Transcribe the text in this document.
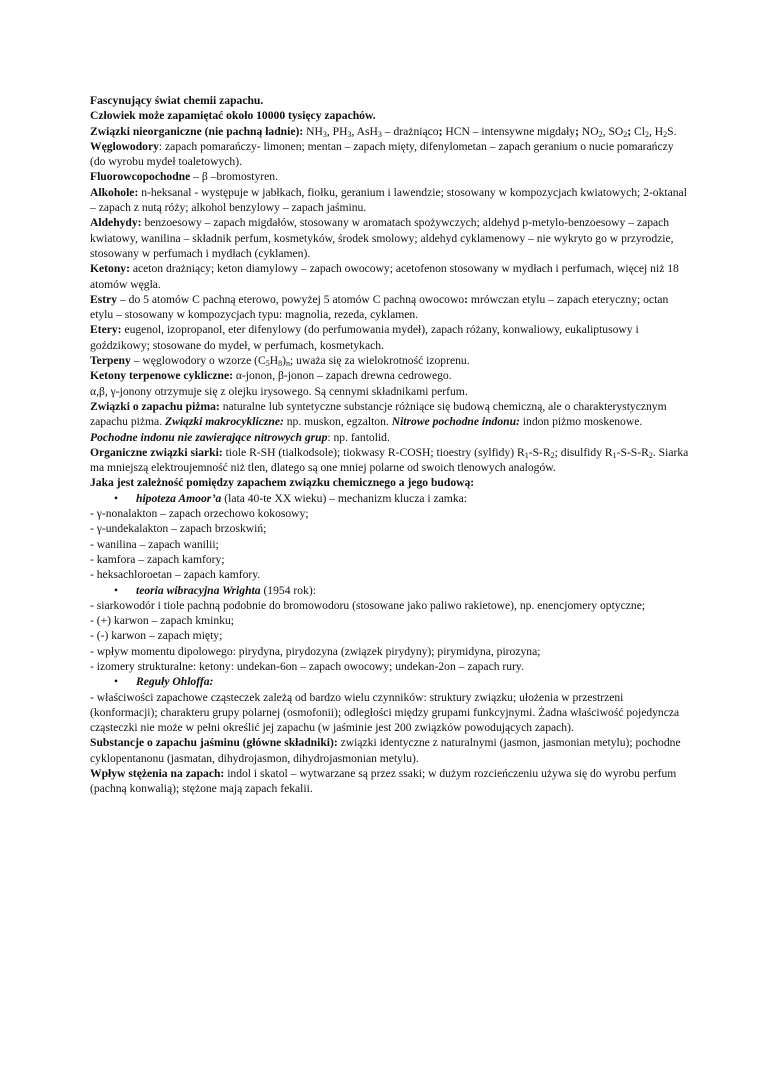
Fascynujący świat chemii zapachu.

Człowiek może zapamiętać około 10000 tysięcy zapachów.

Związki nieorganiczne (nie pachną ładnie): $NH_3$, $PH_3$, AsH$_3$ – drażniąco; HCN – intensywne migdały; $NO_2$, $SO_2$; $Cl_2$, $H_2S$.

Węglowodory: zapach pomarańczy- limonen; mentan – zapach mięty, difenylometan – zapach geranium o nucie pomarańczy (do wyrobu mydeł toaletowych).

Fluorowcopochodne – β –bromostyren.

Alkohole: n-heksanal - występuje w jabłkach, fiołku, geranium i lawendzie; stosowany w kompozycjach kwiatowych; 2-oktanal – zapach z nutą róży; alkohol benzylowy – zapach jaśminu.

Aldehydy: benzoesowy – zapach migdałów, stosowany w aromatach spożywczych; aldehyd p-metylo-benzoesowy – zapach kwiatowy, wanilina – składnik perfum, kosmetyków, środek smolowy; aldehyd cyklamenowy – nie wykryto go w przyrodzie, stosowany w perfumach i mydłach (cyklamen).

Ketony: aceton drażniący; keton diamylowy – zapach owocowy; acetofenon stosowany w mydłach i perfumach, więcej niż 18 atomów węgla.

Estry – do 5 atomów C pachną eterowo, powyżej 5 atomów C pachną owocowo: mrówczan etylu – zapach eteryczny; octan etylu – stosowany w kompozycjach typu: magnolia, rezeda, cyklamen.

Etery: eugenol, izopropanol, eter difenylowy (do perfumowania mydeł), zapach różany, konwaliowy, eukaliptusowy i goździkowy; stosowane do mydeł, w perfumach, kosmetykach.

Terpeny – węglowodory o wzorze $(C_5H_8)_n$; uważa się za wielokrotność izoprenu.

Ketony terpenowe cykliczne: α-jonon, β-jonon – zapach drewna cedrowego.

α,β, γ-jonony otrzymuje się z olejku irysowego. Są cennymi składnikami perfum.

Związki o zapachu piżma: naturalne lub syntetyczne substancje różniące się budową chemiczną, ale o charakterystycznym zapachu piżma. Związki makrocykliczne: np. muskon, egzalton. Nitrowe pochodne indonu: indon piżmo moskenowe. Pochodne indonu nie zawierające nitrowych grup: np. fantolid.

Organiczne związki siarki: tiole R-SH (tialkodsole); tiokwasy R-COSH; tioestry (sylfidy) $R_1-S-R_2$; disulfidy $R_1-S-S-R_2$. Siarka ma mniejszą elektroujemność niż tlen, dlatego są one mniej polarne od swoich tlenowych analogów.

Jaka jest zależność pomiędzy zapachem związku chemicznego a jego budową:

• hipoteza Amoor’a (lata 40-te XX wieku) – mechanizm klucza i zamka:

- γ-nonalakton – zapach orzechowo kokosowy;

- γ-undekalakton – zapach brzoskwiń;

- wanilina – zapach wanilii;

- kamfora – zapach kamfory;

- heksachloroetan – zapach kamfory.

• teoria wibracyjna Wrighta (1954 rok):

- siarkowodór i tiole pachną podobnie do bromowodoru (stosowane jako paliwo rakietowe), np. enencjomery optyczne;

- (+) karwon – zapach kminku;

- (-) karwon – zapach mięty;

- wpływ momentu dipolowego: pirydyna, pirydozyna (związek pirydyny); pirymidyna, pirozyna;

- izomery strukturalne: ketony: undekan-6on – zapach owocowy; undekan-2on – zapach rury.

• Reguły Ohloffa:

- właściwości zapachowe cząsteczek zależą od bardzo wielu czynników: struktury związku; ułożenia w przestrzeni (konformacji); charakteru grupy polarnej (osmofonii); odległości między grupami funkcyjnymi. Żadna właściwość pojedyncza cząsteczki nie może w pełni określić jej zapachu (w jaśminie jest 200 związków powodujących zapach).

Substancje o zapachu jaśminu (główne składniki): związki identyczne z naturalnymi (jasmon, jasmonian metylu); pochodne cyklopentanonu (jasmatan, dihydrojasmon, dihydrojasmonian metylu).

Wpływ stężenia na zapach: indol i skatol – wytwarzane są przez ssaki; w dużym rozcieńczeniu używa się do wyrobu perfum (pachną konwalią); stężone mają zapach fekalii.
